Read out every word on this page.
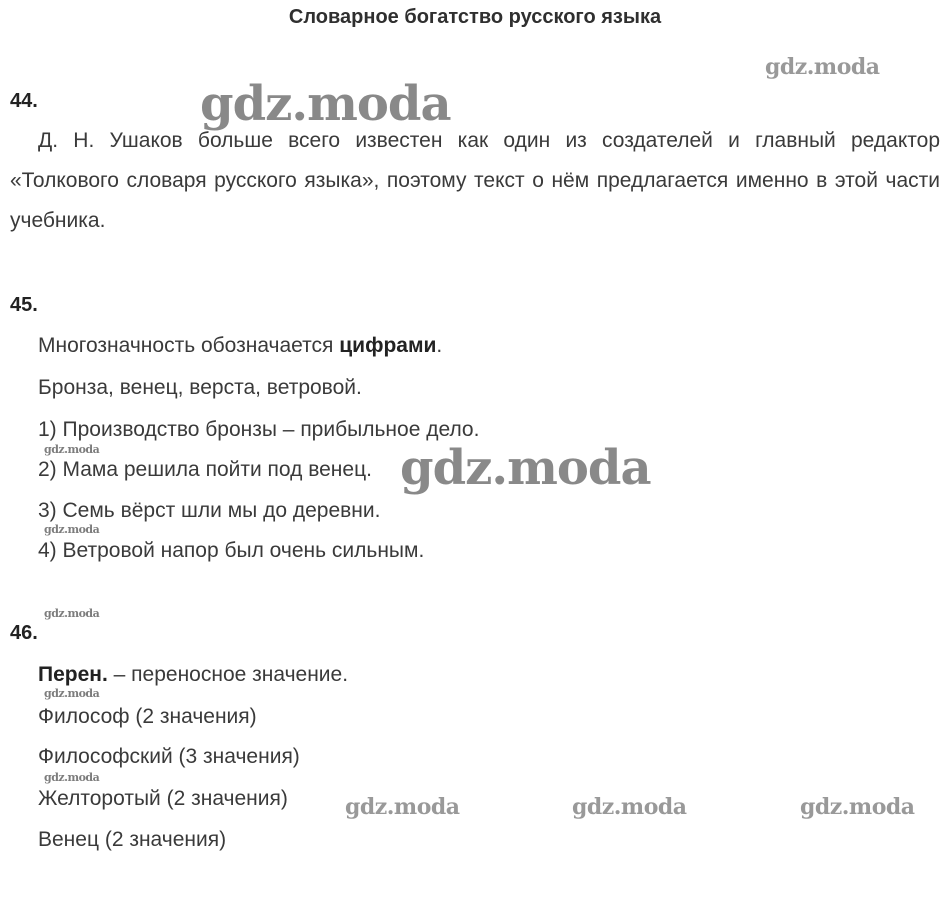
Словарное богатство русского языка
44.
Д. Н. Ушаков больше всего известен как один из создателей и главный редактор «Толкового словаря русского языка», поэтому текст о нём предлагается именно в этой части учебника.
45.
Многозначность обозначается цифрами.
Бронза, венец, верста, ветровой.
1) Производство бронзы – прибыльное дело.
2) Мама решила пойти под венец.
3) Семь вёрст шли мы до деревни.
4) Ветровой напор был очень сильным.
46.
Перен. – переносное значение.
Философ (2 значения)
Философский (3 значения)
Желторотый (2 значения)
Венец (2 значения)
gdz.moda
gdz.moda
gdz.moda
gdz.moda	gdz.moda	gdz.moda
gdz.moda
gdz.moda
gdz.moda
gdz.moda
gdz.moda
